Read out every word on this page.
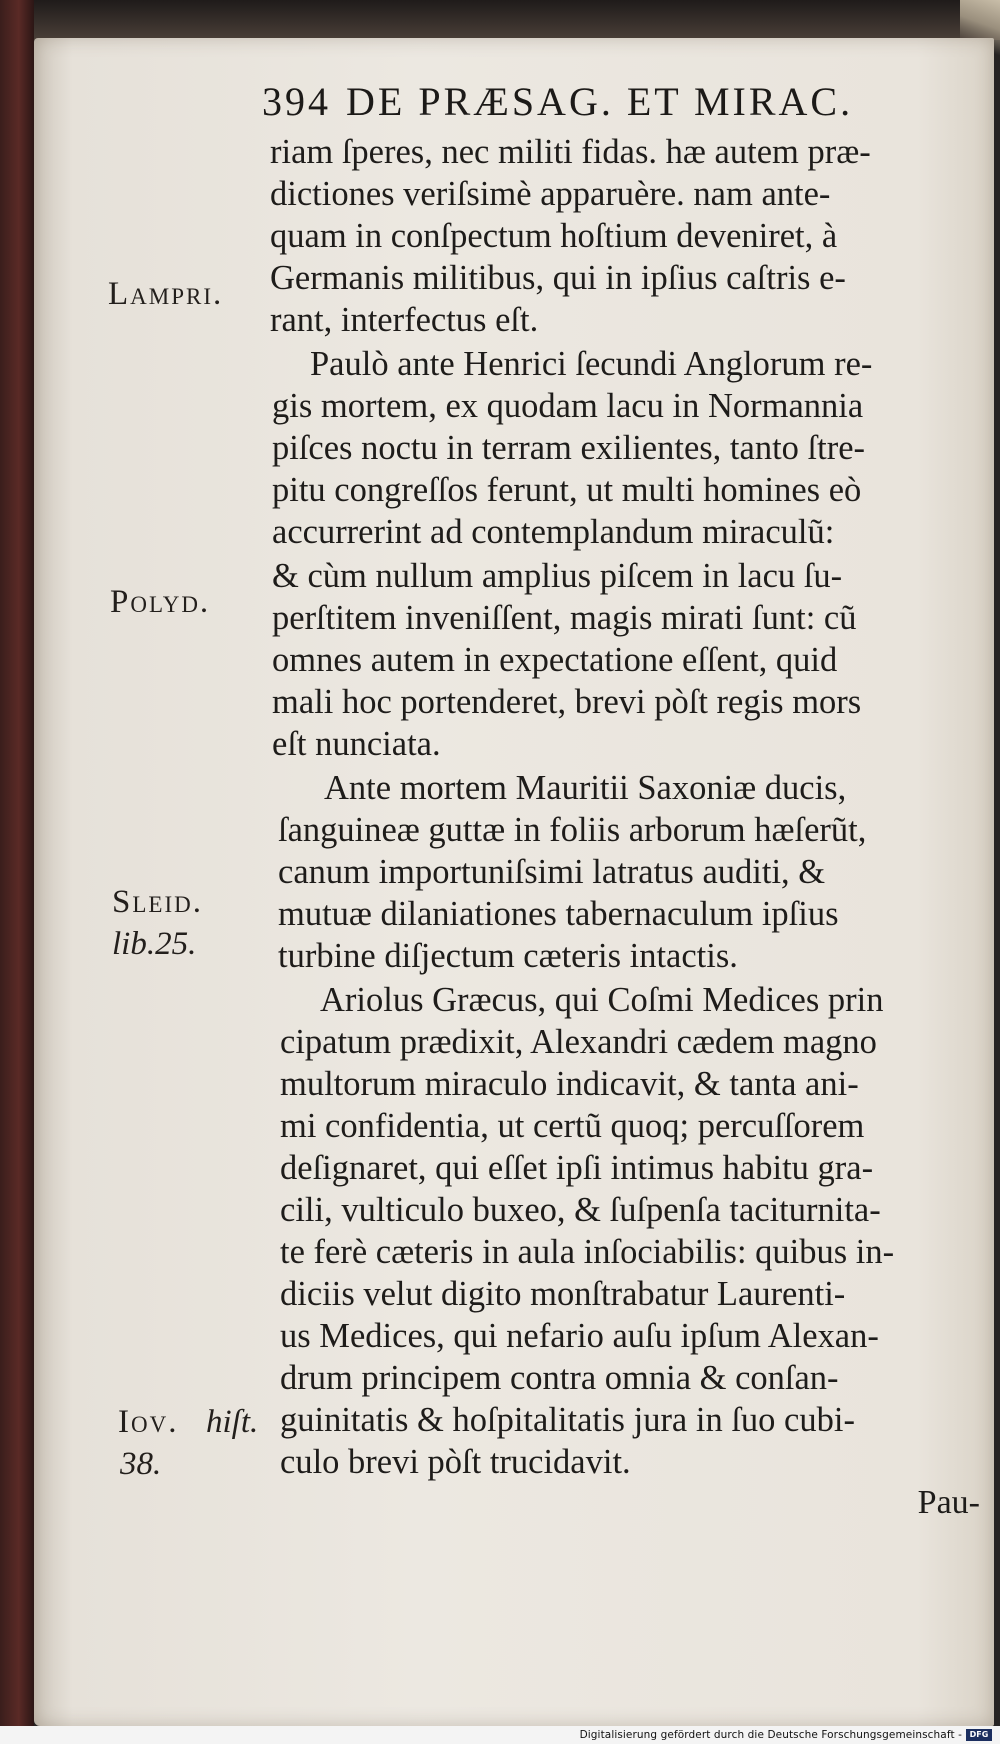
394 DE PRÆSAG. ET MIRAC.
riam ſperes, nec militi fidas. hæ autem præ-
dictiones veriſsimè apparuère. nam ante-
quam in conſpectum hoſtium deveniret, à
Germanis militibus, qui in ipſius caſtris e-
rant, interfectus eſt.
Paulò ante Henrici ſecundi Anglorum re-
gis mortem, ex quodam lacu in Normannia
piſces noctu in terram exilientes, tanto ſtre-
pitu congreſſos ferunt, ut multi homines eò
accurrerint ad contemplandum miraculũ:
& cùm nullum amplius piſcem in lacu ſu-
perſtitem inveniſſent, magis mirati ſunt: cũ
omnes autem in expectatione eſſent, quid
mali hoc portenderet, brevi pòſt regis mors
eſt nunciata.
Ante mortem Mauritii Saxoniæ ducis,
ſanguineæ guttæ in foliis arborum hæſerũt,
canum importuniſsimi latratus auditi, &
mutuæ dilaniationes tabernaculum ipſius
turbine diſjectum cæteris intactis.
Ariolus Græcus, qui Coſmi Medices prin
cipatum prædixit, Alexandri cædem magno
multorum miraculo indicavit, & tanta ani-
mi confidentia, ut certũ quoq; percuſſorem
deſignaret, qui eſſet ipſi intimus habitu gra-
cili, vulticulo buxeo, & ſuſpenſa taciturnita-
te ferè cæteris in aula inſociabilis: quibus in-
diciis velut digito monſtrabatur Laurenti-
us Medices, qui nefario auſu ipſum Alexan-
drum principem contra omnia & conſan-
guinitatis & hoſpitalitatis jura in ſuo cubi-
culo brevi pòſt trucidavit.
Lampri.
Polyd.
Sleid.
lib.25.
Iov. hiſt.
38.
Pau-
Digitalisierung gefördert durch die Deutsche Forschungsgemeinschaft - DFG
